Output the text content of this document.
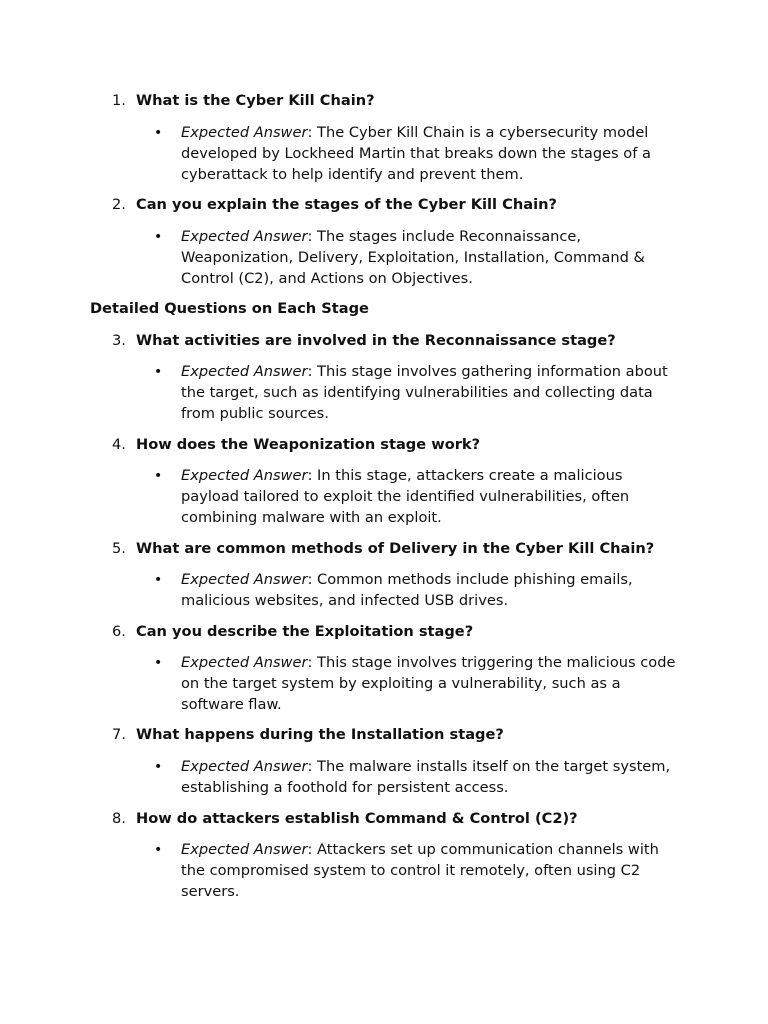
1. What is the Cyber Kill Chain?
• Expected Answer: The Cyber Kill Chain is a cybersecurity model developed by Lockheed Martin that breaks down the stages of a cyberattack to help identify and prevent them.
2. Can you explain the stages of the Cyber Kill Chain?
• Expected Answer: The stages include Reconnaissance, Weaponization, Delivery, Exploitation, Installation, Command & Control (C2), and Actions on Objectives.
Detailed Questions on Each Stage
3. What activities are involved in the Reconnaissance stage?
• Expected Answer: This stage involves gathering information about the target, such as identifying vulnerabilities and collecting data from public sources.
4. How does the Weaponization stage work?
• Expected Answer: In this stage, attackers create a malicious payload tailored to exploit the identified vulnerabilities, often combining malware with an exploit.
5. What are common methods of Delivery in the Cyber Kill Chain?
• Expected Answer: Common methods include phishing emails, malicious websites, and infected USB drives.
6. Can you describe the Exploitation stage?
• Expected Answer: This stage involves triggering the malicious code on the target system by exploiting a vulnerability, such as a software flaw.
7. What happens during the Installation stage?
• Expected Answer: The malware installs itself on the target system, establishing a foothold for persistent access.
8. How do attackers establish Command & Control (C2)?
• Expected Answer: Attackers set up communication channels with the compromised system to control it remotely, often using C2 servers.
